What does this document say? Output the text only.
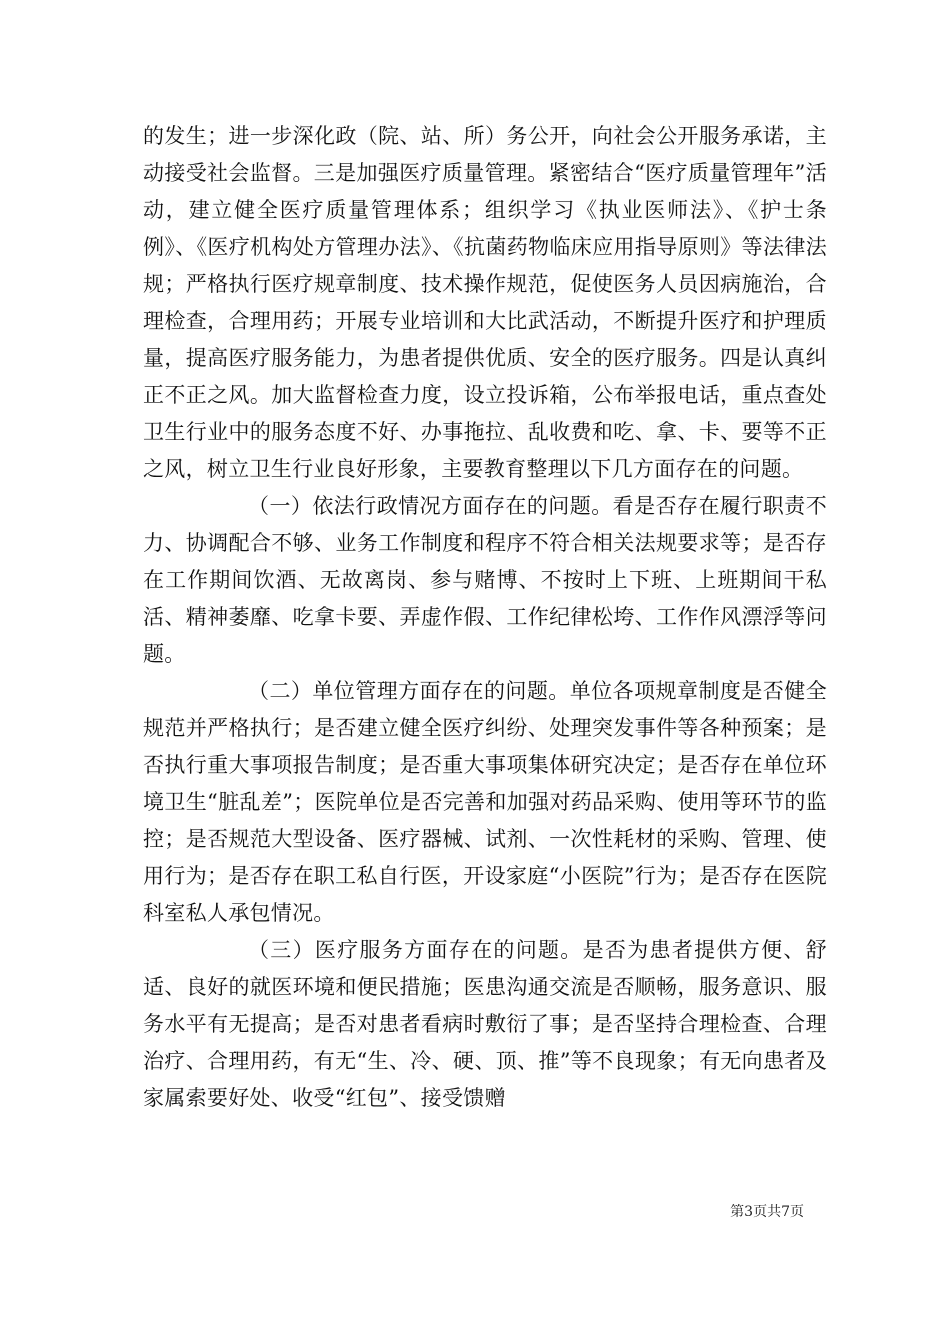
的发生；进一步深化政（院、站、所）务公开，向社会公开服务承诺，主动接受社会监督。三是加强医疗质量管理。紧密结合“医疗质量管理年”活动，建立健全医疗质量管理体系；组织学习《执业医师法》、《护士条例》、《医疗机构处方管理办法》、《抗菌药物临床应用指导原则》等法律法规；严格执行医疗规章制度、技术操作规范，促使医务人员因病施治，合理检查，合理用药；开展专业培训和大比武活动，不断提升医疗和护理质量，提高医疗服务能力，为患者提供优质、安全的医疗服务。四是认真纠正不正之风。加大监督检查力度，设立投诉箱，公布举报电话，重点查处卫生行业中的服务态度不好、办事拖拉、乱收费和吃、拿、卡、要等不正之风，树立卫生行业良好形象，主要教育整理以下几方面存在的问题。

（一）依法行政情况方面存在的问题。看是否存在履行职责不力、协调配合不够、业务工作制度和程序不符合相关法规要求等；是否存在工作期间饮酒、无故离岗、参与赌博、不按时上下班、上班期间干私活、精神萎靡、吃拿卡要、弄虚作假、工作纪律松垮、工作作风漂浮等问题。

（二）单位管理方面存在的问题。单位各项规章制度是否健全规范并严格执行；是否建立健全医疗纠纷、处理突发事件等各种预案；是否执行重大事项报告制度；是否重大事项集体研究决定；是否存在单位环境卫生“脏乱差”；医院单位是否完善和加强对药品采购、使用等环节的监控；是否规范大型设备、医疗器械、试剂、一次性耗材的采购、管理、使用行为；是否存在职工私自行医，开设家庭“小医院”行为；是否存在医院科室私人承包情况。

（三）医疗服务方面存在的问题。是否为患者提供方便、舒适、良好的就医环境和便民措施；医患沟通交流是否顺畅，服务意识、服务水平有无提高；是否对患者看病时敷衍了事；是否坚持合理检查、合理治疗、合理用药，有无“生、冷、硬、顶、推”等不良现象；有无向患者及家属索要好处、收受“红包”、接受馈赠

第3页共7页
